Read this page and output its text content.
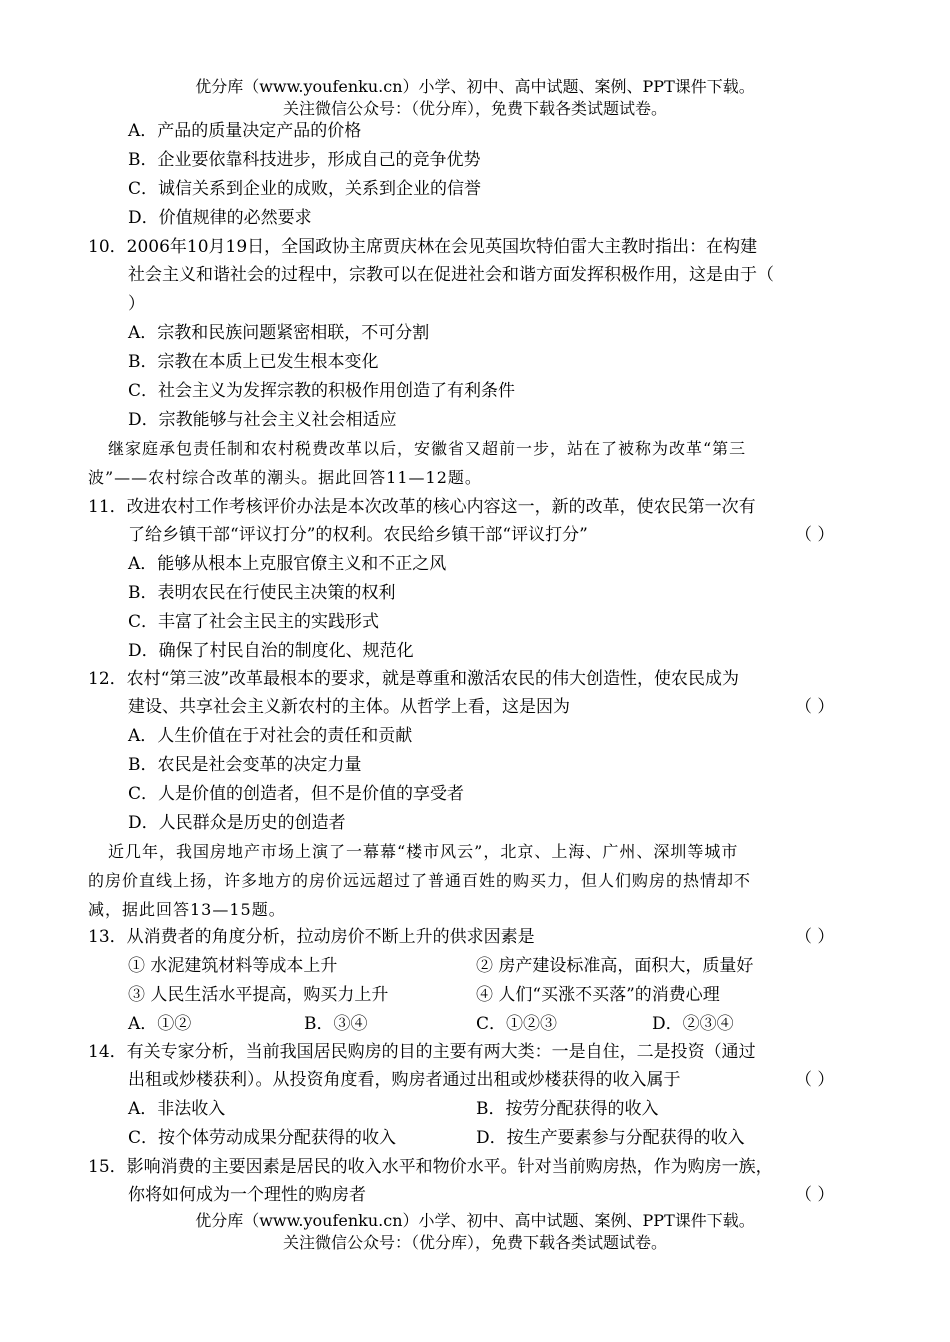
优分库（www.youfenku.cn）小学、初中、高中试题、案例、PPT课件下载。
关注微信公众号：（优分库），免费下载各类试题试卷。
A．产品的质量决定产品的价格
B．企业要依靠科技进步，形成自己的竞争优势
C．诚信关系到企业的成败，关系到企业的信誉
D．价值规律的必然要求
10．2006年10月19日，全国政协主席贾庆林在会见英国坎特伯雷大主教时指出：在构建
社会主义和谐社会的过程中，宗教可以在促进社会和谐方面发挥积极作用，这是由于（
）
A．宗教和民族问题紧密相联，不可分割
B．宗教在本质上已发生根本变化
C．社会主义为发挥宗教的积极作用创造了有利条件
D．宗教能够与社会主义社会相适应
继家庭承包责任制和农村税费改革以后，安徽省又超前一步，站在了被称为改革“第三
波”——农村综合改革的潮头。据此回答11—12题。
11．改进农村工作考核评价办法是本次改革的核心内容这一，新的改革，使农民第一次有
了给乡镇干部“评议打分”的权利。农民给乡镇干部“评议打分”	（ ）
A．能够从根本上克服官僚主义和不正之风
B．表明农民在行使民主决策的权利
C．丰富了社会主民主的实践形式
D．确保了村民自治的制度化、规范化
12．农村“第三波”改革最根本的要求，就是尊重和激活农民的伟大创造性，使农民成为
建设、共享社会主义新农村的主体。从哲学上看，这是因为	（ ）
A．人生价值在于对社会的责任和贡献
B．农民是社会变革的决定力量
C．人是价值的创造者，但不是价值的享受者
D．人民群众是历史的创造者
近几年，我国房地产市场上演了一幕幕“楼市风云”，北京、上海、广州、深圳等城市
的房价直线上扬，许多地方的房价远远超过了普通百姓的购买力，但人们购房的热情却不
减，据此回答13—15题。
13．从消费者的角度分析，拉动房价不断上升的供求因素是	（ ）
① 水泥建筑材料等成本上升	② 房产建设标准高，面积大，质量好
③ 人民生活水平提高，购买力上升	④ 人们“买涨不买落”的消费心理
A．①②	B．③④	C．①②③	D．②③④
14．有关专家分析，当前我国居民购房的目的主要有两大类：一是自住，二是投资（通过
出租或炒楼获利）。从投资角度看，购房者通过出租或炒楼获得的收入属于	（ ）
A．非法收入	B．按劳分配获得的收入
C．按个体劳动成果分配获得的收入	D．按生产要素参与分配获得的收入
15．影响消费的主要因素是居民的收入水平和物价水平。针对当前购房热，作为购房一族，
你将如何成为一个理性的购房者	（ ）
优分库（www.youfenku.cn）小学、初中、高中试题、案例、PPT课件下载。
关注微信公众号：（优分库），免费下载各类试题试卷。
